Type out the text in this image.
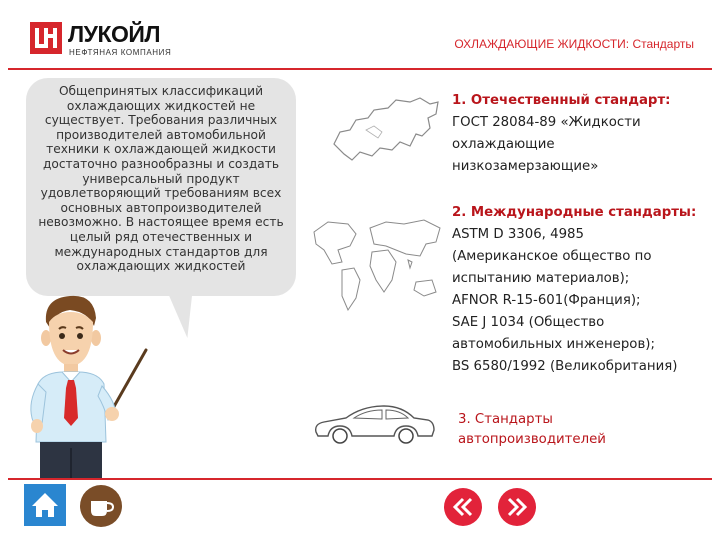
ЛУКОЙЛ
НЕФТЯНАЯ КОМПАНИЯ
ОХЛАЖДАЮЩИЕ ЖИДКОСТИ: Стандарты
Общепринятых классификаций охлаждающих жидкостей не существует. Требования различных производителей автомобильной техники к охлаждающей жидкости достаточно разнообразны и создать универсальный продукт удовлетворяющий требованиям всех основных автопроизводителей невозможно. В настоящее время есть целый ряд отечественных и международных стандартов для охлаждающих жидкостей
1. Отечественный стандарт:
ГОСТ 28084-89 «Жидкости
охлаждающие
низкозамерзающие»
2. Международные стандарты:
ASTM D 3306, 4985
(Американское общество по
испытанию материалов);
AFNOR R-15-601(Франция);
SAE J 1034 (Общество
автомобильных инженеров);
BS 6580/1992 (Великобритания)
3. Стандарты
автопроизводителей
